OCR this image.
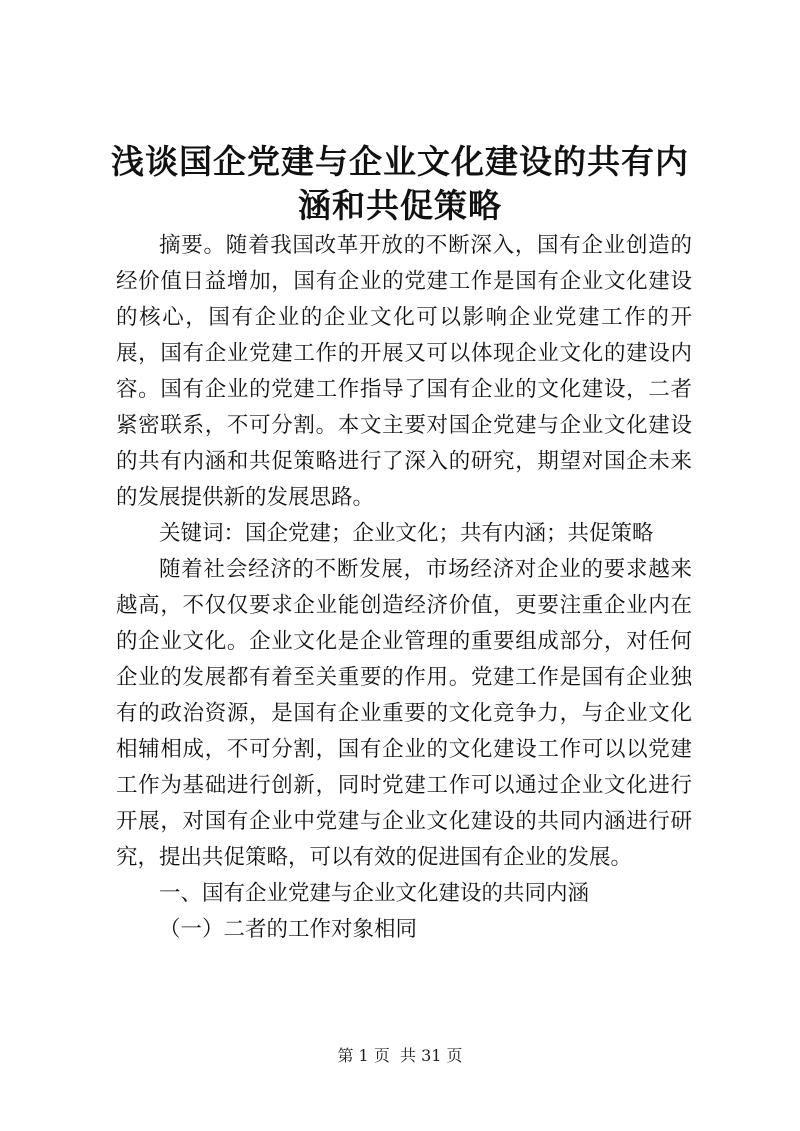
浅谈国企党建与企业文化建设的共有内涵和共促策略

摘要。随着我国改革开放的不断深入，国有企业创造的经价值日益增加，国有企业的党建工作是国有企业文化建设的核心，国有企业的企业文化可以影响企业党建工作的开展，国有企业党建工作的开展又可以体现企业文化的建设内容。国有企业的党建工作指导了国有企业的文化建设，二者紧密联系，不可分割。本文主要对国企党建与企业文化建设的共有内涵和共促策略进行了深入的研究，期望对国企未来的发展提供新的发展思路。

关键词：国企党建；企业文化；共有内涵；共促策略

随着社会经济的不断发展，市场经济对企业的要求越来越高，不仅仅要求企业能创造经济价值，更要注重企业内在的企业文化。企业文化是企业管理的重要组成部分，对任何企业的发展都有着至关重要的作用。党建工作是国有企业独有的政治资源，是国有企业重要的文化竞争力，与企业文化相辅相成，不可分割，国有企业的文化建设工作可以以党建工作为基础进行创新，同时党建工作可以通过企业文化进行开展，对国有企业中党建与企业文化建设的共同内涵进行研究，提出共促策略，可以有效的促进国有企业的发展。

一、国有企业党建与企业文化建设的共同内涵

（一）二者的工作对象相同

第 1 页  共 31 页
